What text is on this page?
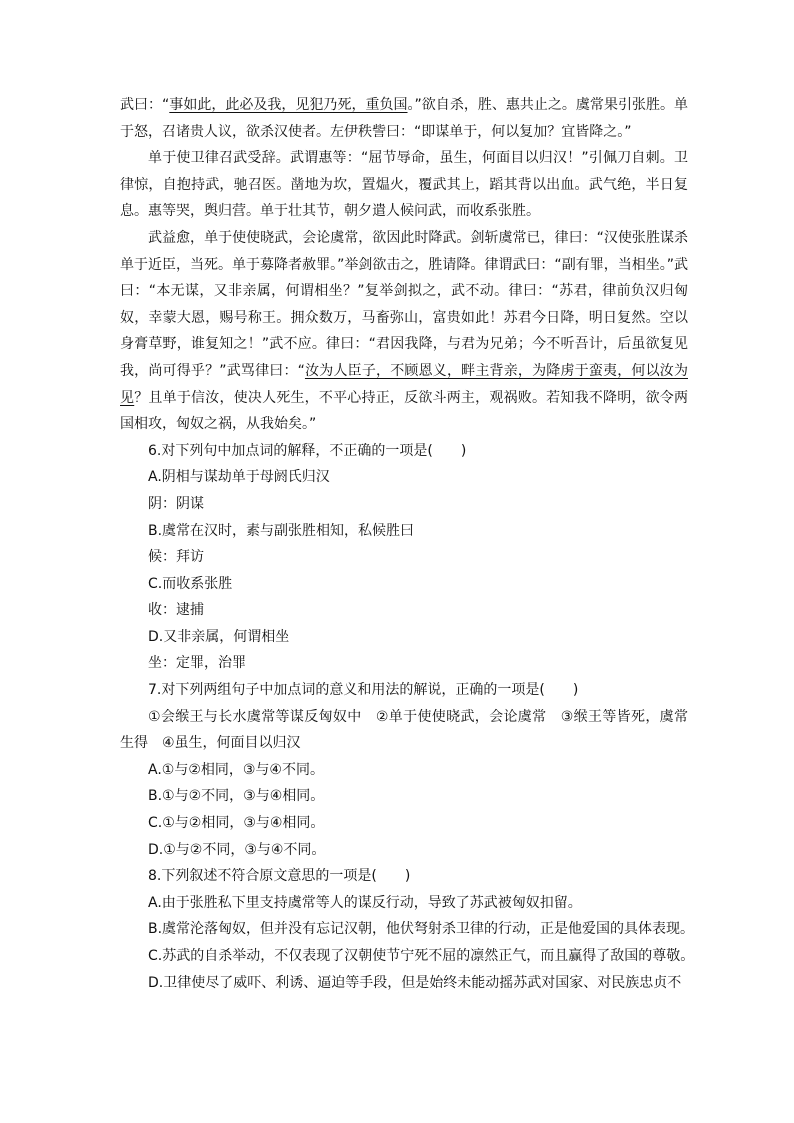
武曰：“事如此，此必及我，见犯乃死，重负国。”欲自杀，胜、惠共止之。虞常果引张胜。单于怒，召诸贵人议，欲杀汉使者。左伊秩訾曰：“即谋单于，何以复加？宜皆降之。”

单于使卫律召武受辞。武谓惠等：“屈节辱命，虽生，何面目以归汉！”引佩刀自刺。卫律惊，自抱持武，驰召医。凿地为坎，置煴火，覆武其上，蹈其背以出血。武气绝，半日复息。惠等哭，舆归营。单于壮其节，朝夕遣人候问武，而收系张胜。

武益愈，单于使使晓武，会论虞常，欲因此时降武。剑斩虞常已，律曰：“汉使张胜谋杀单于近臣，当死。单于募降者赦罪。”举剑欲击之，胜请降。律谓武曰：“副有罪，当相坐。”武曰：“本无谋，又非亲属，何谓相坐？”复举剑拟之，武不动。律曰：“苏君，律前负汉归匈奴，幸蒙大恩，赐号称王。拥众数万，马畜弥山，富贵如此！苏君今日降，明日复然。空以身膏草野，谁复知之！”武不应。律曰：“君因我降，与君为兄弟；今不听吾计，后虽欲复见我，尚可得乎？”武骂律曰：“汝为人臣子，不顾恩义，畔主背亲，为降虏于蛮夷，何以汝为见？且单于信汝，使决人死生，不平心持正，反欲斗两主，观祸败。若知我不降明，欲令两国相攻，匈奴之祸，从我始矣。”

6.对下列句中加点词的解释，不正确的一项是(　　)

A.阴相与谋劫单于母阏氏归汉

阴：阴谋

B.虞常在汉时，素与副张胜相知，私候胜曰

候：拜访

C.而收系张胜

收：逮捕

D.又非亲属，何谓相坐

坐：定罪，治罪

7.对下列两组句子中加点词的意义和用法的解说，正确的一项是(　　)

①会缑王与长水虞常等谋反匈奴中　②单于使使晓武，会论虞常　③缑王等皆死，虞常生得　④虽生，何面目以归汉

A.①与②相同，③与④不同。

B.①与②不同，③与④相同。

C.①与②相同，③与④相同。

D.①与②不同，③与④不同。

8.下列叙述不符合原文意思的一项是(　　)

A.由于张胜私下里支持虞常等人的谋反行动，导致了苏武被匈奴扣留。

B.虞常沦落匈奴，但并没有忘记汉朝，他伏弩射杀卫律的行动，正是他爱国的具体表现。

C.苏武的自杀举动，不仅表现了汉朝使节宁死不屈的凛然正气，而且赢得了敌国的尊敬。

D.卫律使尽了威吓、利诱、逼迫等手段，但是始终未能动摇苏武对国家、对民族忠贞不
